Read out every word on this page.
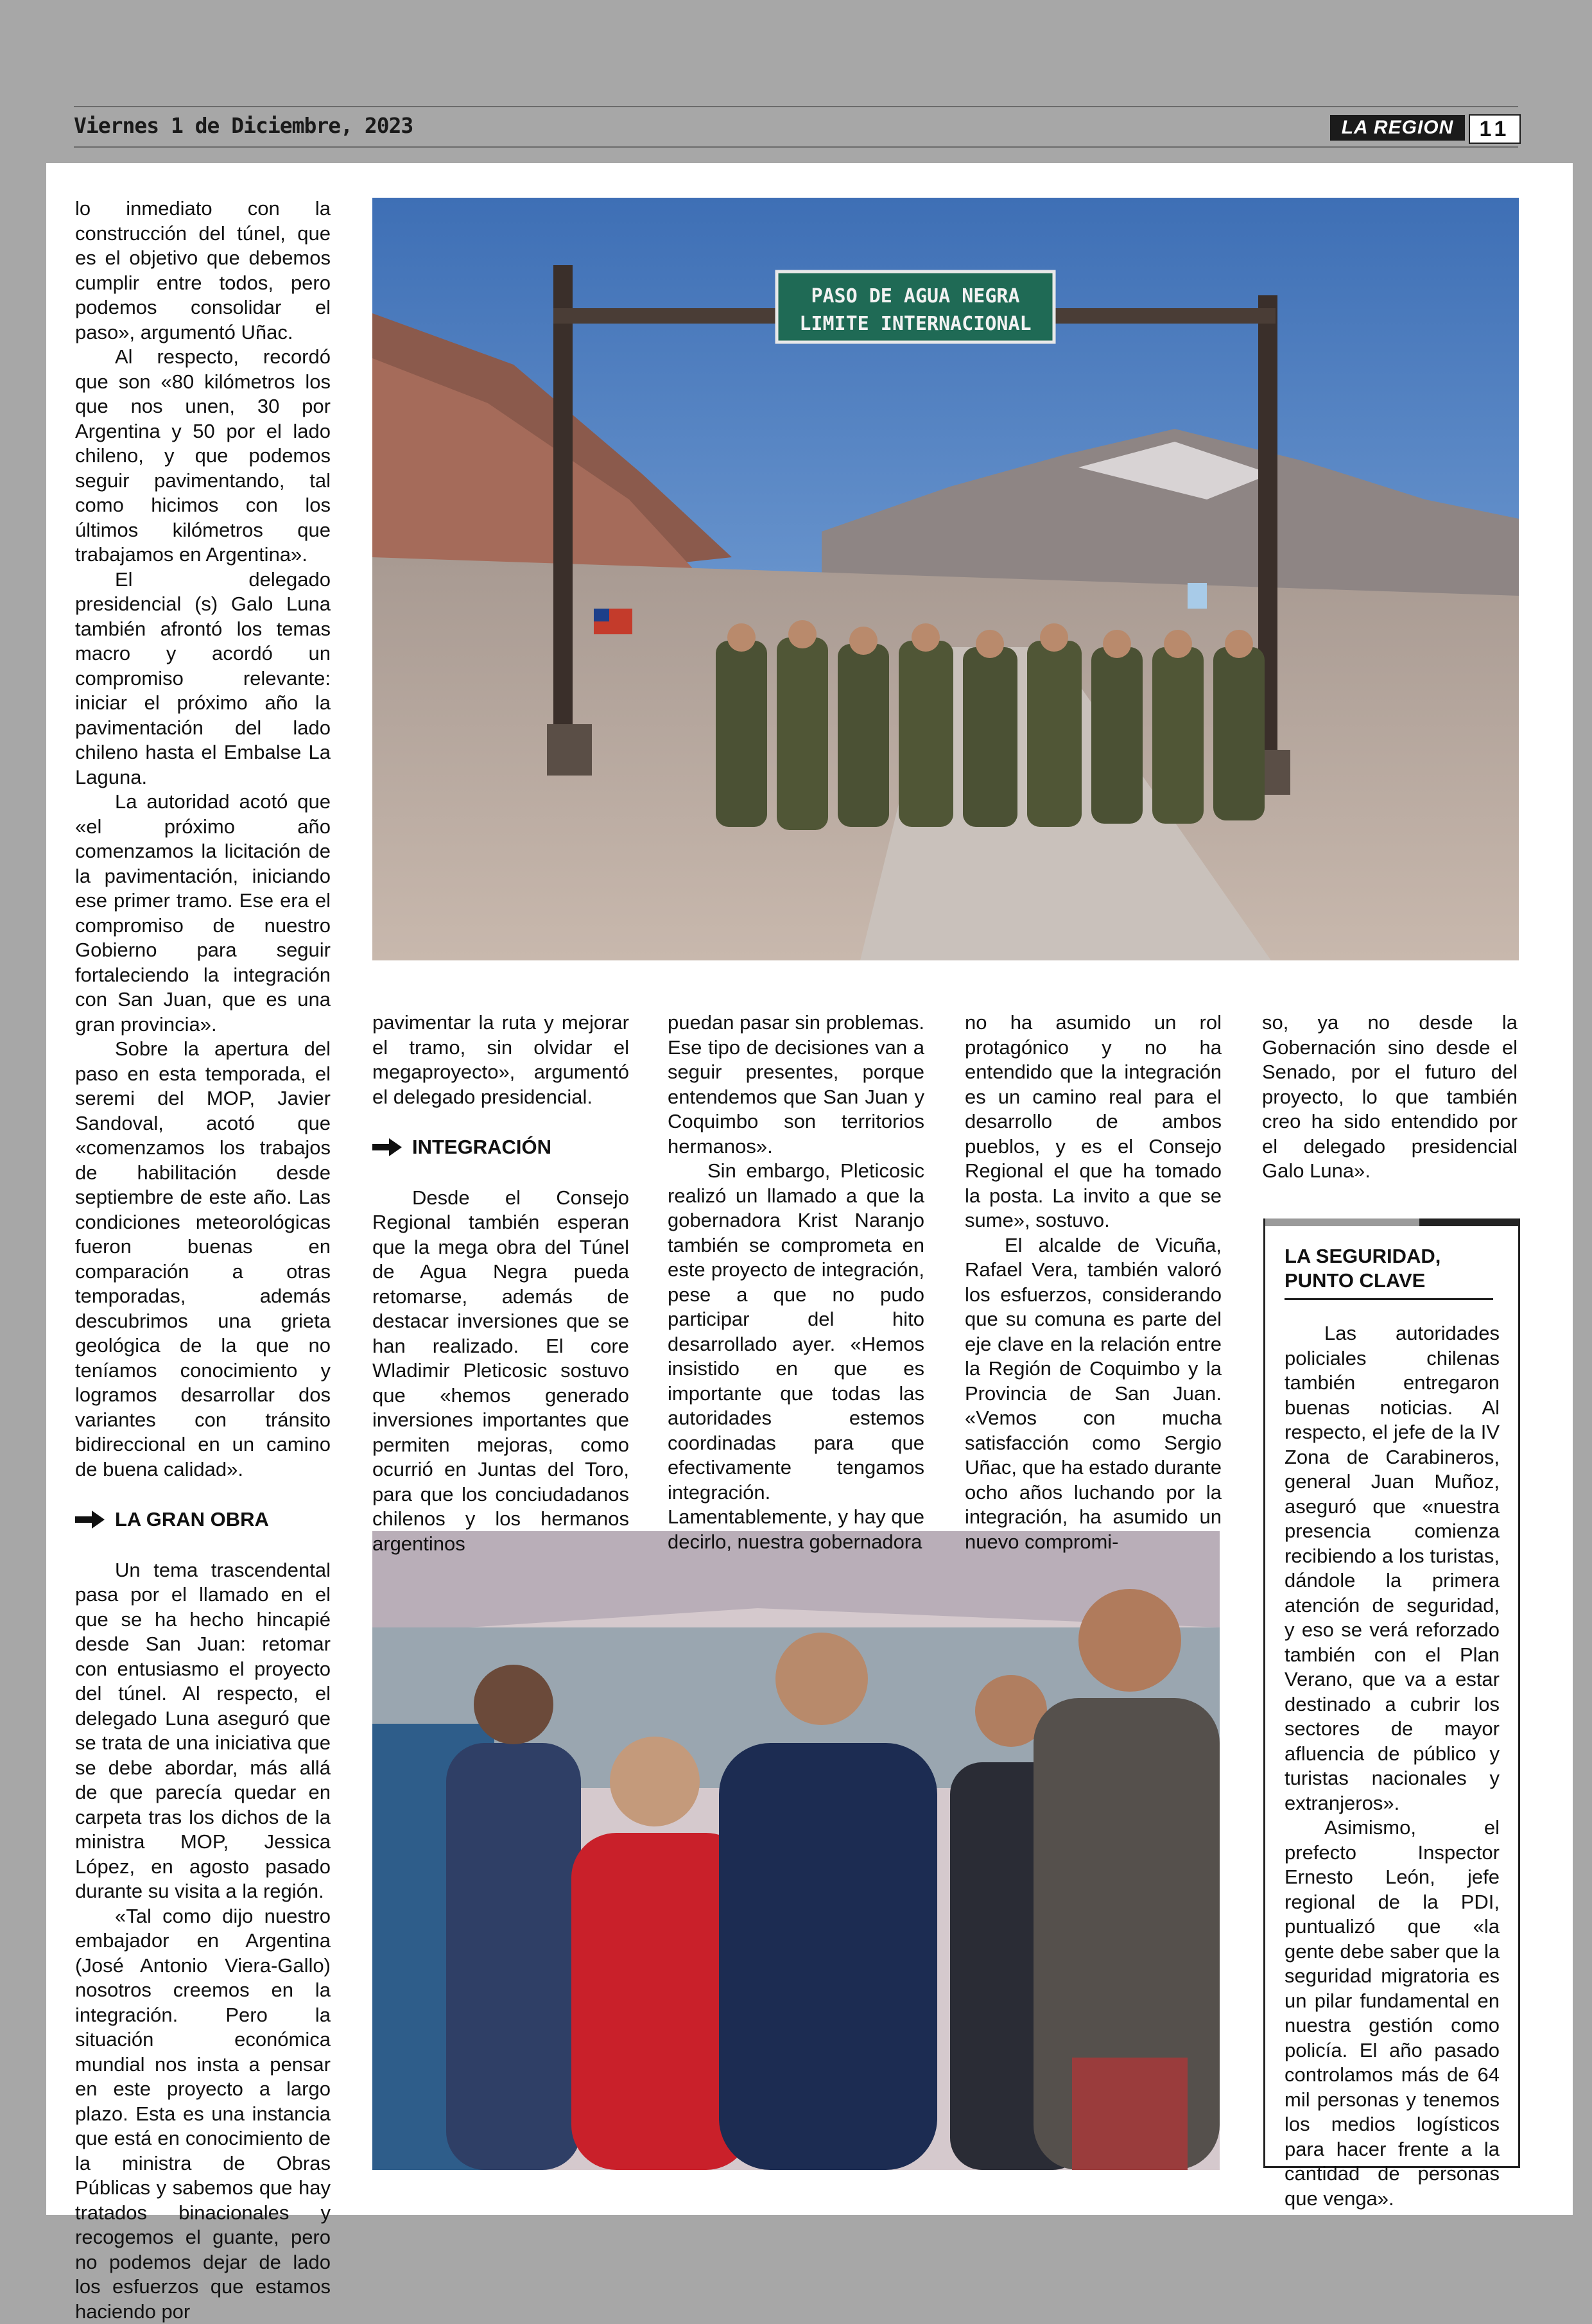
Viernes 1 de Diciembre, 2023	LA REGION	11
PASO DE AGUA NEGRA
LIMITE INTERNACIONAL

lo inmediato con la construcción del túnel, que es el objetivo que debemos cumplir entre todos, pero podemos consolidar el paso», argumentó Uñac.

Al respecto, recordó que son «80 kilómetros los que nos unen, 30 por Argentina y 50 por el lado chileno, y que podemos seguir pavimentando, tal como hicimos con los últimos kilómetros que trabajamos en Argentina».

El delegado presidencial (s) Galo Luna también afrontó los temas macro y acordó un compromiso relevante: iniciar el próximo año la pavimentación del lado chileno hasta el Embalse La Laguna.

La autoridad acotó que «el próximo año comenzamos la licitación de la pavimentación, iniciando ese primer tramo. Ese era el compromiso de nuestro Gobierno para seguir fortaleciendo la integración con San Juan, que es una gran provincia».

Sobre la apertura del paso en esta temporada, el seremi del MOP, Javier Sandoval, acotó que «comenzamos los trabajos de habilitación desde septiembre de este año. Las condiciones meteorológicas fueron buenas en comparación a otras temporadas, además descubrimos una grieta geológica de la que no teníamos conocimiento y logramos desarrollar dos variantes con tránsito bidireccional en un camino de buena calidad».

LA GRAN OBRA

Un tema trascendental pasa por el llamado en el que se ha hecho hincapié desde San Juan: retomar con entusiasmo el proyecto del túnel. Al respecto, el delegado Luna aseguró que se trata de una iniciativa que se debe abordar, más allá de que parecía quedar en carpeta tras los dichos de la ministra MOP, Jessica López, en agosto pasado durante su visita a la región.

«Tal como dijo nuestro embajador en Argentina (José Antonio Viera-Gallo) nosotros creemos en la integración. Pero la situación económica mundial nos insta a pensar en este proyecto a largo plazo. Esta es una instancia que está en conocimiento de la ministra de Obras Públicas y sabemos que hay tratados binacionales y recogemos el guante, pero no podemos dejar de lado los esfuerzos que estamos haciendo por

pavimentar la ruta y mejorar el tramo, sin olvidar el megaproyecto», argumentó el delegado presidencial.

INTEGRACIÓN

Desde el Consejo Regional también esperan que la mega obra del Túnel de Agua Negra pueda retomarse, además de destacar inversiones que se han realizado. El core Wladimir Pleticosic sostuvo que «hemos generado inversiones importantes que permiten mejoras, como ocurrió en Juntas del Toro, para que los conciudadanos chilenos y los hermanos argentinos

puedan pasar sin problemas. Ese tipo de decisiones van a seguir presentes, porque entendemos que San Juan y Coquimbo son territorios hermanos».

Sin embargo, Pleticosic realizó un llamado a que la gobernadora Krist Naranjo también se comprometa en este proyecto de integración, pese a que no pudo participar del hito desarrollado ayer. «Hemos insistido en que es importante que todas las autoridades estemos coordinadas para que efectivamente tengamos integración. Lamentablemente, y hay que decirlo, nuestra gobernadora

no ha asumido un rol protagónico y no ha entendido que la integración es un camino real para el desarrollo de ambos pueblos, y es el Consejo Regional el que ha tomado la posta. La invito a que se sume», sostuvo.

El alcalde de Vicuña, Rafael Vera, también valoró los esfuerzos, considerando que su comuna es parte del eje clave en la relación entre la Región de Coquimbo y la Provincia de San Juan. «Vemos con mucha satisfacción como Sergio Uñac, que ha estado durante ocho años luchando por la integración, ha asumido un nuevo compromi-

so, ya no desde la Gobernación sino desde el Senado, por el futuro del proyecto, lo que también creo ha sido entendido por el delegado presidencial Galo Luna».

LA SEGURIDAD, PUNTO CLAVE

Las autoridades policiales chilenas también entregaron buenas noticias. Al respecto, el jefe de la IV Zona de Carabineros, general Juan Muñoz, aseguró que «nuestra presencia comienza recibiendo a los turistas, dándole la primera atención de seguridad, y eso se verá reforzado también con el Plan Verano, que va a estar destinado a cubrir los sectores de mayor afluencia de público y turistas nacionales y extranjeros».

Asimismo, el prefecto Inspector Ernesto León, jefe regional de la PDI, puntualizó que «la gente debe saber que la seguridad migratoria es un pilar fundamental en nuestra gestión como policía. El año pasado controlamos más de 64 mil personas y tenemos los medios logísticos para hacer frente a la cantidad de personas que venga».
